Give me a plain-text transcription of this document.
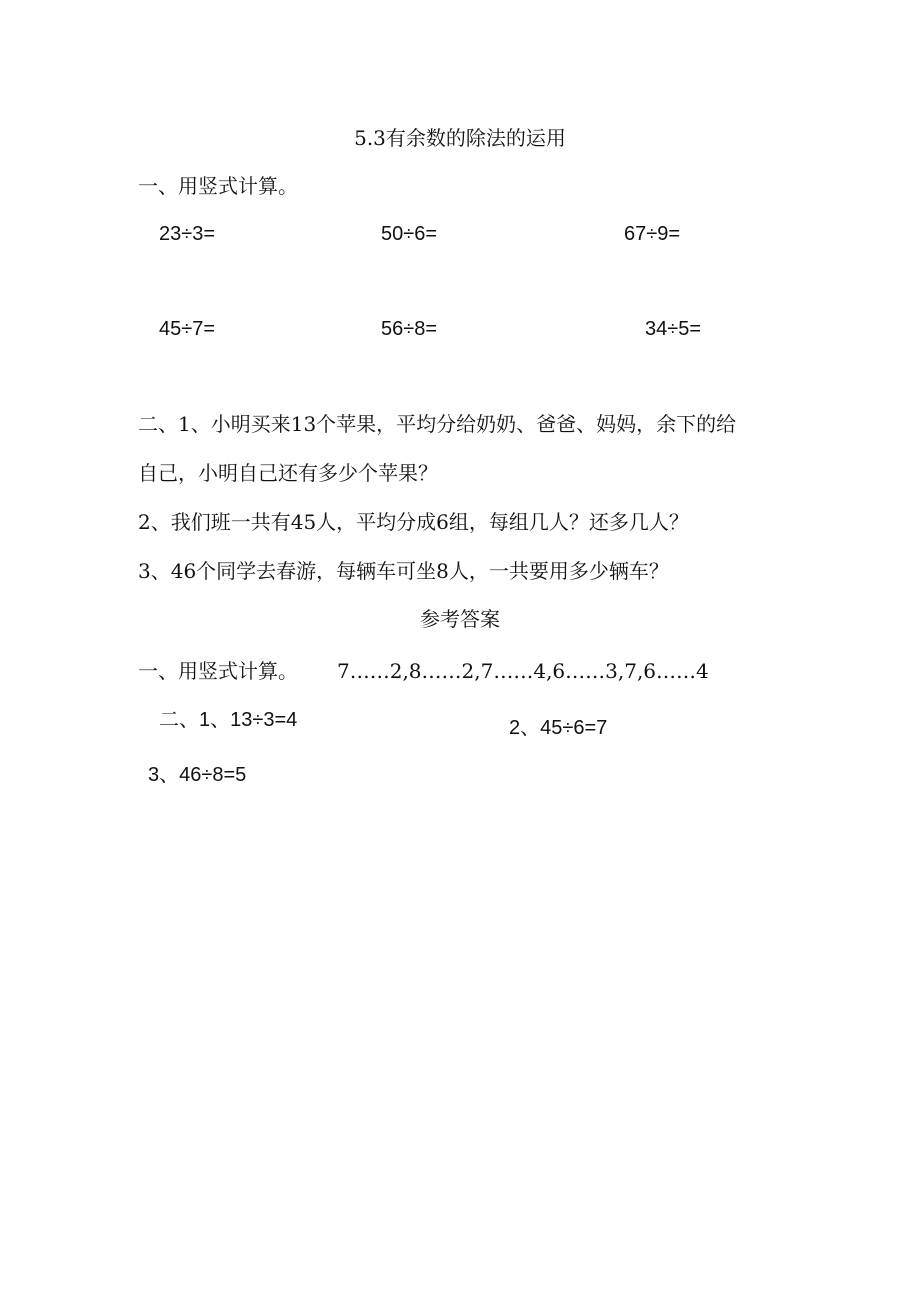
5.3有余数的除法的运用
一、用竖式计算。
23÷3=	50÷6=	67÷9=
45÷7=	56÷8=	34÷5=
二、1、小明买来13个苹果，平均分给奶奶、爸爸、妈妈，余下的给
自己，小明自己还有多少个苹果？
2、我们班一共有45人，平均分成6组，每组几人？还多几人？
3、46个同学去春游，每辆车可坐8人，一共要用多少辆车？
参考答案
一、用竖式计算。 7……2,8……2,7……4,6……3,7,6……4
二、1、13÷3=4	2、45÷6=7
3、46÷8=5
